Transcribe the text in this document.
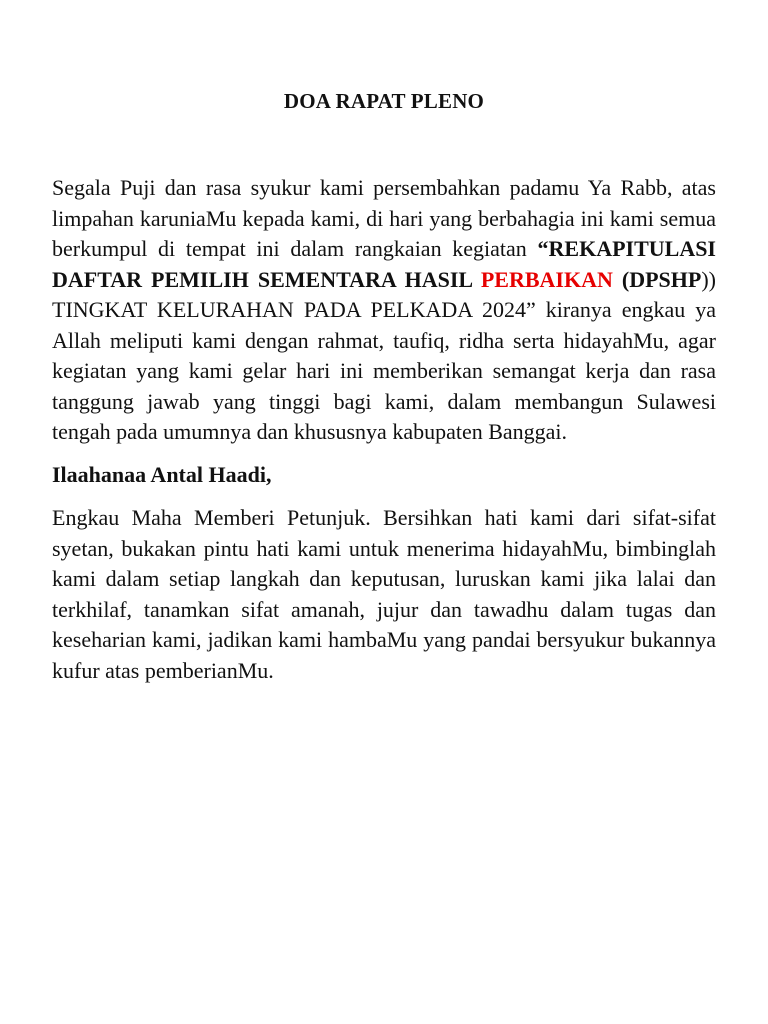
DOA RAPAT PLENO

Segala Puji dan rasa syukur kami persembahkan padamu Ya Rabb, atas limpahan karuniaMu kepada kami, di hari yang berbahagia ini kami semua berkumpul di tempat ini dalam rangkaian kegiatan “REKAPITULASI DAFTAR PEMILIH SEMENTARA HASIL PERBAIKAN (DPSHP)) TINGKAT KELURAHAN PADA PELKADA 2024” kiranya engkau ya Allah meliputi kami dengan rahmat, taufiq, ridha serta hidayahMu, agar kegiatan yang kami gelar hari ini memberikan semangat kerja dan rasa tanggung jawab yang tinggi bagi kami, dalam membangun Sulawesi tengah pada umumnya dan khususnya kabupaten Banggai.

Ilaahanaa Antal Haadi,

Engkau Maha Memberi Petunjuk. Bersihkan hati kami dari sifat-sifat syetan, bukakan pintu hati kami untuk menerima hidayahMu, bimbinglah kami dalam setiap langkah dan keputusan, luruskan kami jika lalai dan terkhilaf, tanamkan sifat amanah, jujur dan tawadhu dalam tugas dan keseharian kami, jadikan kami hambaMu yang pandai bersyukur bukannya kufur atas pemberianMu.
